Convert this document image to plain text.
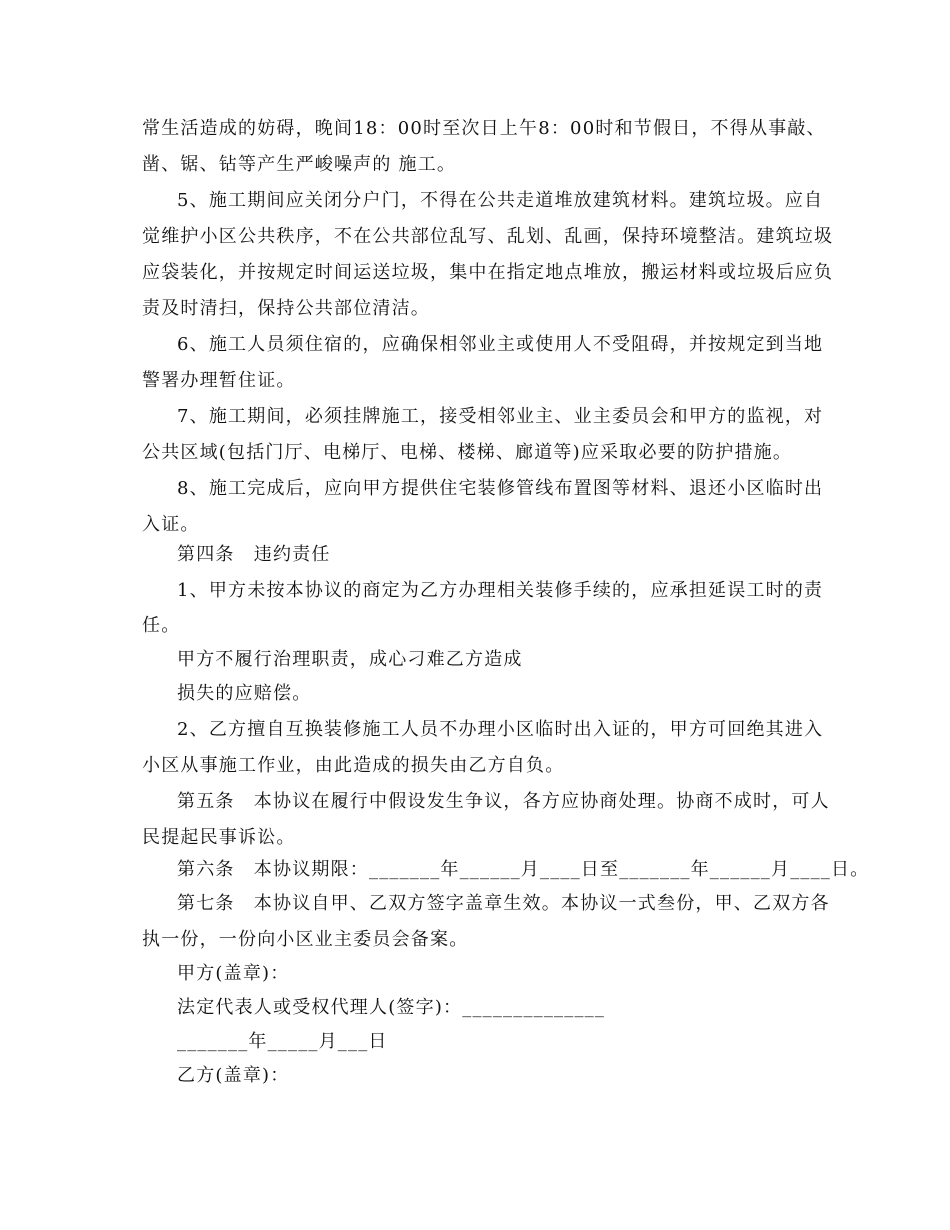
常生活造成的妨碍，晚间18：00时至次日上午8：00时和节假日，不得从事敲、
凿、锯、钻等产生严峻噪声的 施工。
5、施工期间应关闭分户门，不得在公共走道堆放建筑材料。建筑垃圾。应自
觉维护小区公共秩序，不在公共部位乱写、乱划、乱画，保持环境整洁。建筑垃圾
应袋装化，并按规定时间运送垃圾，集中在指定地点堆放，搬运材料或垃圾后应负
责及时清扫，保持公共部位清洁。
6、施工人员须住宿的，应确保相邻业主或使用人不受阻碍，并按规定到当地
警署办理暂住证。
7、施工期间，必须挂牌施工，接受相邻业主、业主委员会和甲方的监视，对
公共区域(包括门厅、电梯厅、电梯、楼梯、廊道等)应采取必要的防护措施。
8、施工完成后，应向甲方提供住宅装修管线布置图等材料、退还小区临时出
入证。
第四条　违约责任
1、甲方未按本协议的商定为乙方办理相关装修手续的，应承担延误工时的责
任。
甲方不履行治理职责，成心刁难乙方造成
损失的应赔偿。
2、乙方擅自互换装修施工人员不办理小区临时出入证的，甲方可回绝其进入
小区从事施工作业，由此造成的损失由乙方自负。
第五条　本协议在履行中假设发生争议，各方应协商处理。协商不成时，可人
民提起民事诉讼。
第六条　本协议期限：_______年______月____日至_______年______月____日。
第七条　本协议自甲、乙双方签字盖章生效。本协议一式叁份，甲、乙双方各
执一份，一份向小区业主委员会备案。
甲方(盖章)：
法定代表人或受权代理人(签字)：______________
_______年_____月___日
乙方(盖章)：
